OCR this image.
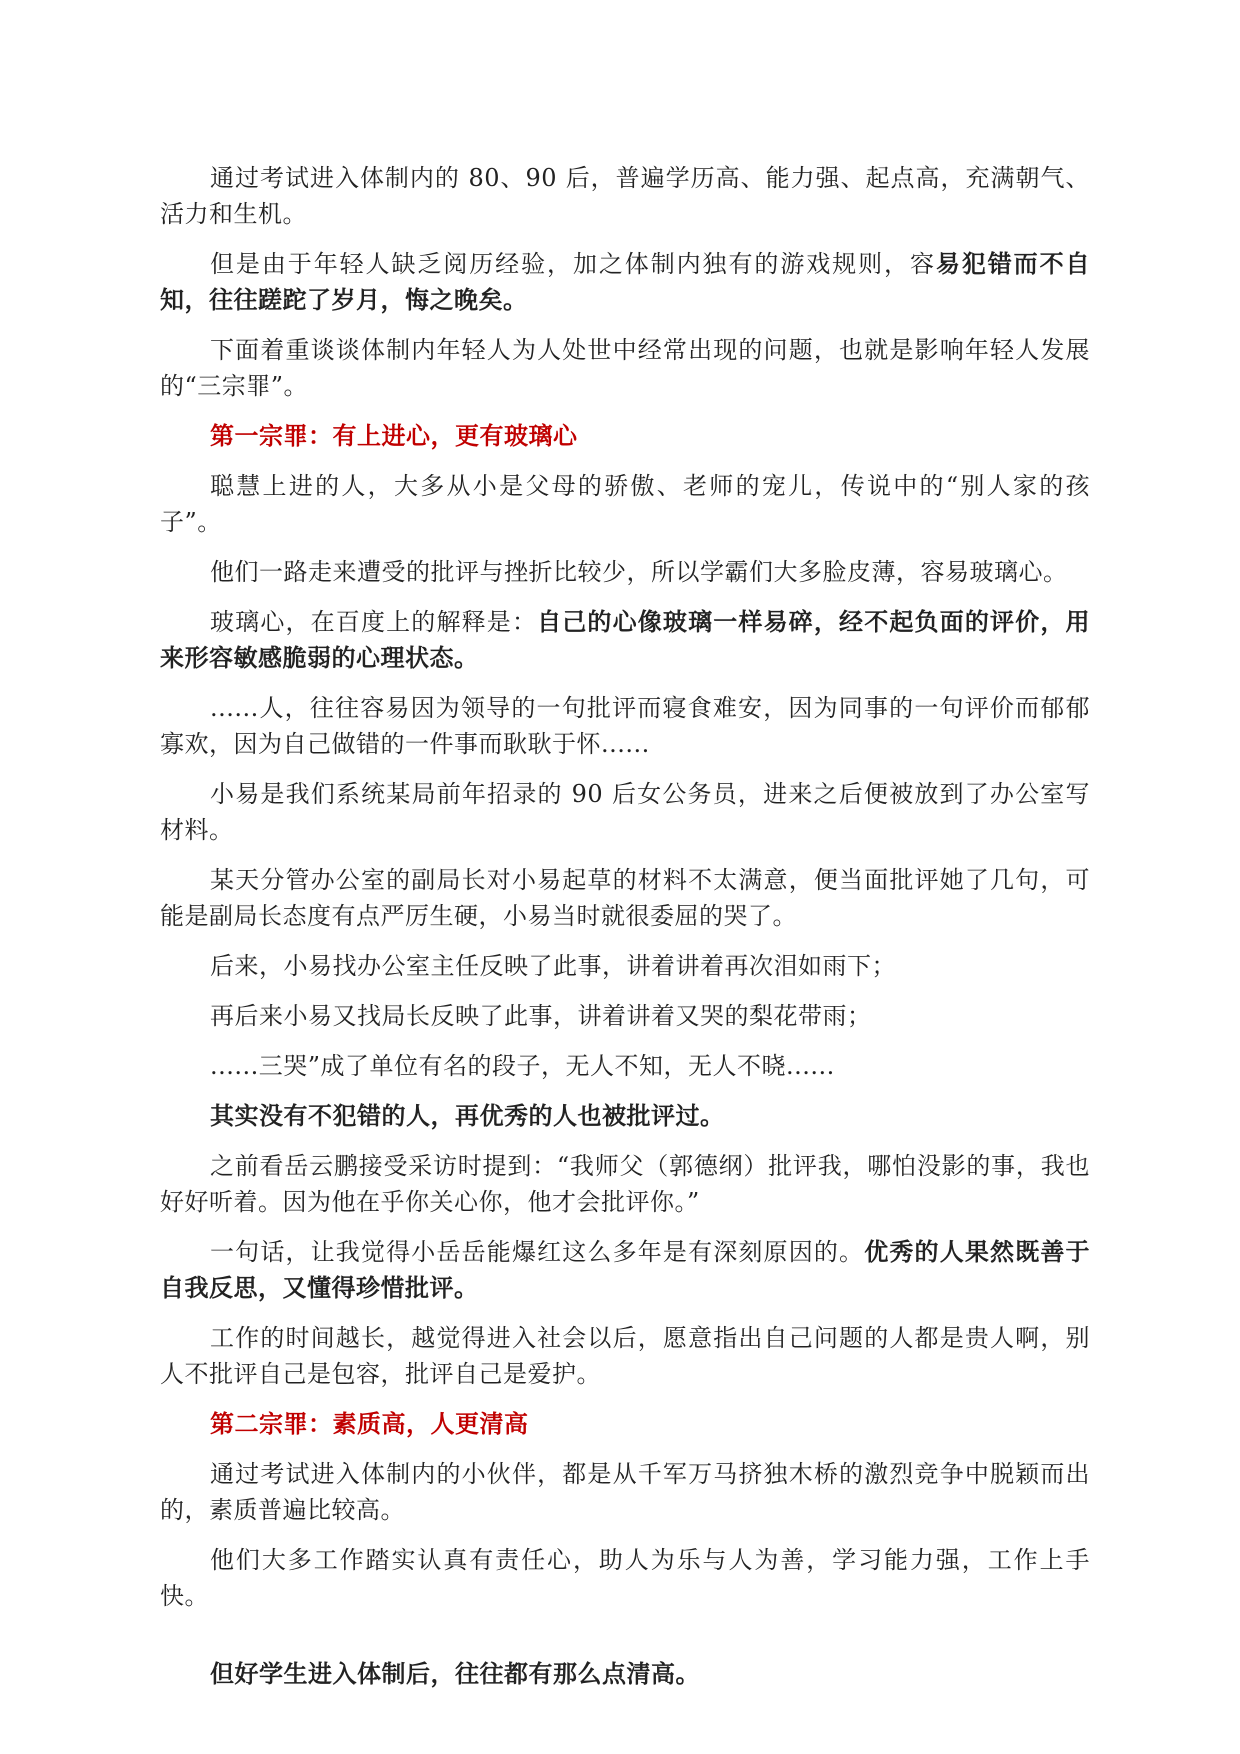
通过考试进入体制内的 80、90 后，普遍学历高、能力强、起点高，充满朝气、活力和生机。

但是由于年轻人缺乏阅历经验，加之体制内独有的游戏规则，容易犯错而不自知，往往蹉跎了岁月，悔之晚矣。

下面着重谈谈体制内年轻人为人处世中经常出现的问题，也就是影响年轻人发展的“三宗罪”。

第一宗罪：有上进心，更有玻璃心

聪慧上进的人，大多从小是父母的骄傲、老师的宠儿，传说中的“别人家的孩子”。

他们一路走来遭受的批评与挫折比较少，所以学霸们大多脸皮薄，容易玻璃心。

玻璃心，在百度上的解释是：自己的心像玻璃一样易碎，经不起负面的评价，用来形容敏感脆弱的心理状态。

......人，往往容易因为领导的一句批评而寝食难安，因为同事的一句评价而郁郁寡欢，因为自己做错的一件事而耿耿于怀......

小易是我们系统某局前年招录的 90 后女公务员，进来之后便被放到了办公室写材料。

某天分管办公室的副局长对小易起草的材料不太满意，便当面批评她了几句，可能是副局长态度有点严厉生硬，小易当时就很委屈的哭了。

后来，小易找办公室主任反映了此事，讲着讲着再次泪如雨下；

再后来小易又找局长反映了此事，讲着讲着又哭的梨花带雨；

......三哭”成了单位有名的段子，无人不知，无人不晓......

其实没有不犯错的人，再优秀的人也被批评过。

之前看岳云鹏接受采访时提到：“我师父（郭德纲）批评我，哪怕没影的事，我也好好听着。因为他在乎你关心你，他才会批评你。”

一句话，让我觉得小岳岳能爆红这么多年是有深刻原因的。优秀的人果然既善于自我反思，又懂得珍惜批评。

工作的时间越长，越觉得进入社会以后，愿意指出自己问题的人都是贵人啊，别人不批评自己是包容，批评自己是爱护。

第二宗罪：素质高，人更清高

通过考试进入体制内的小伙伴，都是从千军万马挤独木桥的激烈竞争中脱颖而出的，素质普遍比较高。

他们大多工作踏实认真有责任心，助人为乐与人为善，学习能力强，工作上手快。

但好学生进入体制后，往往都有那么点清高。
